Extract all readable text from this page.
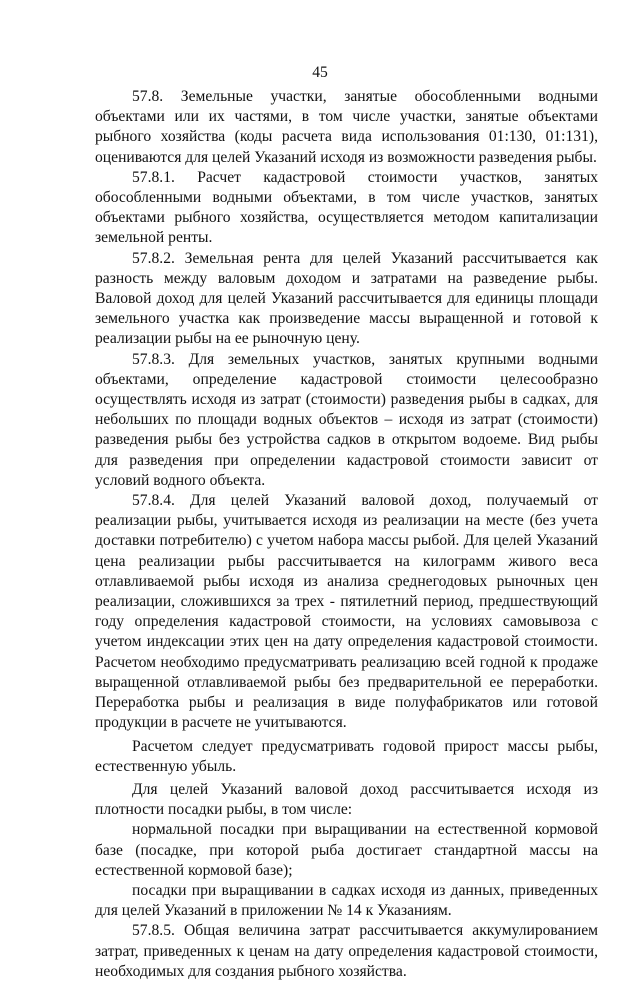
45

57.8. Земельные участки, занятые обособленными водными объектами или их частями, в том числе участки, занятые объектами рыбного хозяйства (коды расчета вида использования 01:130, 01:131), оцениваются для целей Указаний исходя из возможности разведения рыбы.

57.8.1. Расчет кадастровой стоимости участков, занятых обособленными водными объектами, в том числе участков, занятых объектами рыбного хозяйства, осуществляется методом капитализации земельной ренты.

57.8.2. Земельная рента для целей Указаний рассчитывается как разность между валовым доходом и затратами на разведение рыбы. Валовой доход для целей Указаний рассчитывается для единицы площади земельного участка как произведение массы выращенной и готовой к реализации рыбы на ее рыночную цену.

57.8.3. Для земельных участков, занятых крупными водными объектами, определение кадастровой стоимости целесообразно осуществлять исходя из затрат (стоимости) разведения рыбы в садках, для небольших по площади водных объектов – исходя из затрат (стоимости) разведения рыбы без устройства садков в открытом водоеме. Вид рыбы для разведения при определении кадастровой стоимости зависит от условий водного объекта.

57.8.4. Для целей Указаний валовой доход, получаемый от реализации рыбы, учитывается исходя из реализации на месте (без учета доставки потребителю) с учетом набора массы рыбой. Для целей Указаний цена реализации рыбы рассчитывается на килограмм живого веса отлавливаемой рыбы исходя из анализа среднегодовых рыночных цен реализации, сложившихся за трех - пятилетний период, предшествующий году определения кадастровой стоимости, на условиях самовывоза с учетом индексации этих цен на дату определения кадастровой стоимости. Расчетом необходимо предусматривать реализацию всей годной к продаже выращенной отлавливаемой рыбы без предварительной ее переработки. Переработка рыбы и реализация в виде полуфабрикатов или готовой продукции в расчете не учитываются.

Расчетом следует предусматривать годовой прирост массы рыбы, естественную убыль.

Для целей Указаний валовой доход рассчитывается исходя из плотности посадки рыбы, в том числе:

нормальной посадки при выращивании на естественной кормовой базе (посадке, при которой рыба достигает стандартной массы на естественной кормовой базе);

посадки при выращивании в садках исходя из данных, приведенных для целей Указаний в приложении № 14 к Указаниям.

57.8.5. Общая величина затрат рассчитывается аккумулированием затрат, приведенных к ценам на дату определения кадастровой стоимости, необходимых для создания рыбного хозяйства.
